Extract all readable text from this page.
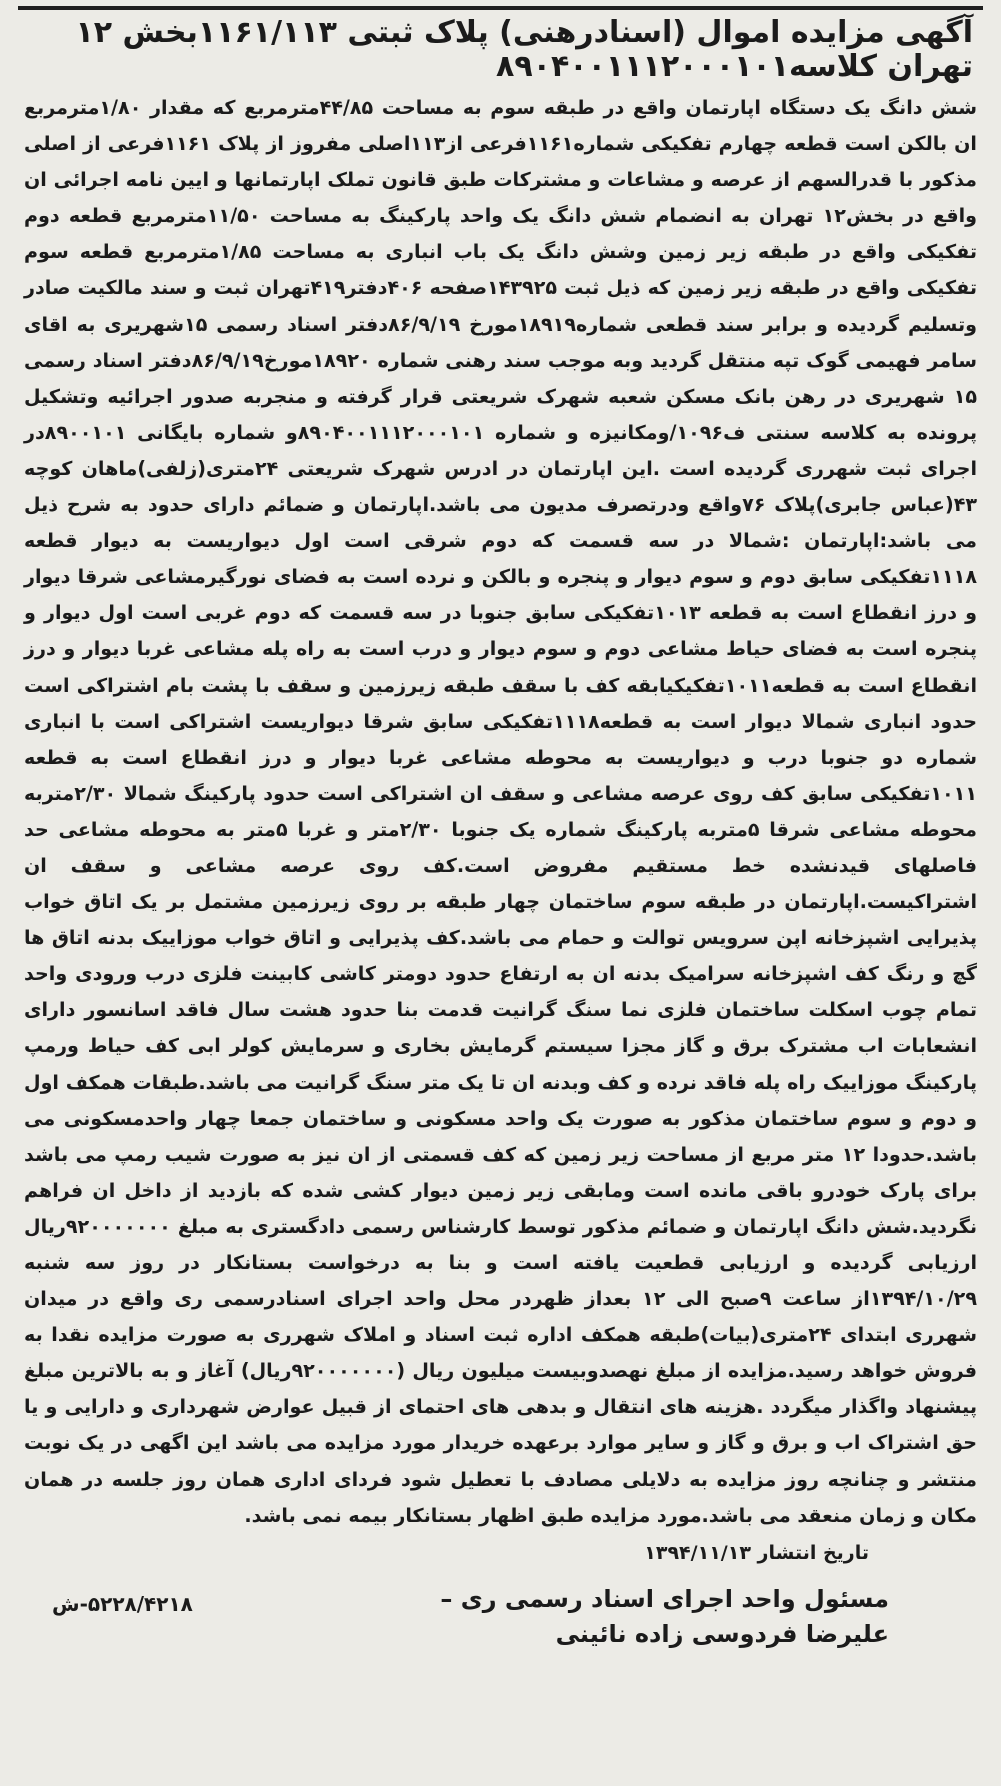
آگهی مزایده اموال (اسنادرهنی) پلاک ثبتی ۱۱۶۱/۱۱۳بخش ۱۲ تهران کلاسه۸۹۰۴۰۰۱۱۱۲۰۰۰۱۰۱
شش دانگ یک دستگاه اپارتمان واقع در طبقه سوم به مساحت ۴۴/۸۵مترمربع که مقدار ۱/۸۰مترمربع ان بالکن است قطعه چهارم تفکیکی شماره۱۱۶۱فرعی از۱۱۳اصلی مفروز از پلاک ۱۱۶۱فرعی از اصلی مذکور با قدرالسهم از عرصه و مشاعات و مشترکات طبق قانون تملک اپارتمانها و ایین نامه اجرائی ان واقع در بخش۱۲ تهران به انضمام شش دانگ یک واحد پارکینگ به مساحت ۱۱/۵۰مترمربع قطعه دوم تفکیکی واقع در طبقه زیر زمین وشش دانگ یک باب انباری به مساحت ۱/۸۵مترمربع قطعه سوم تفکیکی واقع در طبقه زیر زمین که ذیل ثبت ۱۴۳۹۲۵صفحه ۴۰۶دفتر۴۱۹تهران ثبت و سند مالکیت صادر وتسلیم گردیده و برابر سند قطعی شماره۱۸۹۱۹مورخ ۸۶/۹/۱۹دفتر اسناد رسمی ۱۵شهریری به اقای سامر فهیمی گوک تپه منتقل گردید وبه موجب سند رهنی شماره ۱۸۹۲۰مورخ۸۶/۹/۱۹دفتر اسناد رسمی ۱۵ شهریری در رهن بانک مسکن شعبه شهرک شریعتی قرار گرفته و منجربه صدور اجرائیه وتشکیل پرونده به کلاسه سنتی ف۱۰۹۶/ومکانیزه و شماره ۸۹۰۴۰۰۱۱۱۲۰۰۰۱۰۱و شماره بایگانی ۸۹۰۰۱۰۱در اجرای ثبت شهرری گردیده است .این اپارتمان در ادرس شهرک شریعتی ۲۴متری(زلفی)ماهان کوچه ۴۳(عباس جابری)پلاک ۷۶واقع ودرتصرف مدیون می باشد.اپارتمان و ضمائم دارای حدود به شرح ذیل می باشد:اپارتمان :شمالا در سه قسمت که دوم شرقی است اول دیواریست به دیوار قطعه ۱۱۱۸تفکیکی سابق دوم و سوم دیوار و پنجره و بالکن و نرده است به فضای نورگیرمشاعی شرقا دیوار و درز انقطاع است به قطعه ۱۰۱۳تفکیکی سابق جنوبا در سه قسمت که دوم غربی است اول دیوار و پنجره است به فضای حیاط مشاعی دوم و سوم دیوار و درب است به راه پله مشاعی غربا دیوار و درز انقطاع است به قطعه۱۰۱۱تفکیکیابقه کف با سقف طبقه زیرزمین و سقف با پشت بام اشتراکی است حدود انباری شمالا دیوار است به قطعه۱۱۱۸تفکیکی سابق شرقا دیواریست اشتراکی است با انباری شماره دو جنوبا درب و دیواریست به محوطه مشاعی غربا دیوار و درز انقطاع است به قطعه ۱۰۱۱تفکیکی سابق کف روی عرصه مشاعی و سقف ان اشتراکی است حدود پارکینگ شمالا ۲/۳۰متربه محوطه مشاعی شرقا ۵متربه پارکینگ شماره یک جنوبا ۲/۳۰متر و غربا ۵متر به محوطه مشاعی حد فاصلهای قیدنشده خط مستقیم مفروض است.کف روی عرصه مشاعی و سقف ان اشتراکیست.اپارتمان در طبقه سوم ساختمان چهار طبقه بر روی زیرزمین مشتمل بر یک اتاق خواب پذیرایی اشپزخانه اپن سرویس توالت و حمام می باشد.کف پذیرایی و اتاق خواب موزاییک بدنه اتاق ها گچ و رنگ کف اشپزخانه سرامیک بدنه ان به ارتفاع حدود دومتر کاشی کابینت فلزی درب ورودی واحد تمام چوب اسکلت ساختمان فلزی نما سنگ گرانیت قدمت بنا حدود هشت سال فاقد اسانسور دارای انشعابات اب مشترک برق و گاز مجزا سیستم گرمایش بخاری و سرمایش کولر ابی کف حیاط ورمپ پارکینگ موزاییک راه پله فاقد نرده و کف وبدنه ان تا یک متر سنگ گرانیت می باشد.طبقات همکف اول و دوم و سوم ساختمان مذکور به صورت یک واحد مسکونی و ساختمان جمعا چهار واحدمسکونی می باشد.حدودا ۱۲ متر مربع از مساحت زیر زمین که کف قسمتی از ان نیز به صورت شیب رمپ می باشد برای پارک خودرو باقی مانده است ومابقی زیر زمین دیوار کشی شده که بازدید از داخل ان فراهم نگردید.شش دانگ اپارتمان و ضمائم مذکور توسط کارشناس رسمی دادگستری به مبلغ ۹۲۰۰۰۰۰۰۰ریال ارزیابی گردیده و ارزیابی قطعیت یافته است و بنا به درخواست بستانکار در روز سه شنبه ۱۳۹۴/۱۰/۲۹از ساعت ۹صبح الی ۱۲ بعداز ظهردر محل واحد اجرای اسنادرسمی ری واقع در میدان شهرری ابتدای ۲۴متری(بیات)طبقه همکف اداره ثبت اسناد و املاک شهرری به صورت مزایده نقدا به فروش خواهد رسید.مزایده از مبلغ نهصدوبیست میلیون ریال (۹۲۰۰۰۰۰۰۰ریال) آغاز و به بالاترین مبلغ پیشنهاد واگذار میگردد .هزینه های انتقال و بدهی های احتمای از قبیل عوارض شهرداری و دارایی و یا حق اشتراک اب و برق و گاز و سایر موارد برعهده خریدار مورد مزایده می باشد این اگهی در یک نوبت منتشر و چنانچه روز مزایده به دلایلی مصادف با تعطیل شود فردای اداری همان روز جلسه در همان مکان و زمان منعقد می باشد.مورد مزایده طبق اظهار بستانکار بیمه نمی باشد.
تاریخ انتشار ۱۳۹۴/۱۱/۱۳
مسئول واحد اجرای اسناد رسمی ری –
علیرضا فردوسی زاده نائینی
۵۲۲۸/۴۲۱۸-ش
